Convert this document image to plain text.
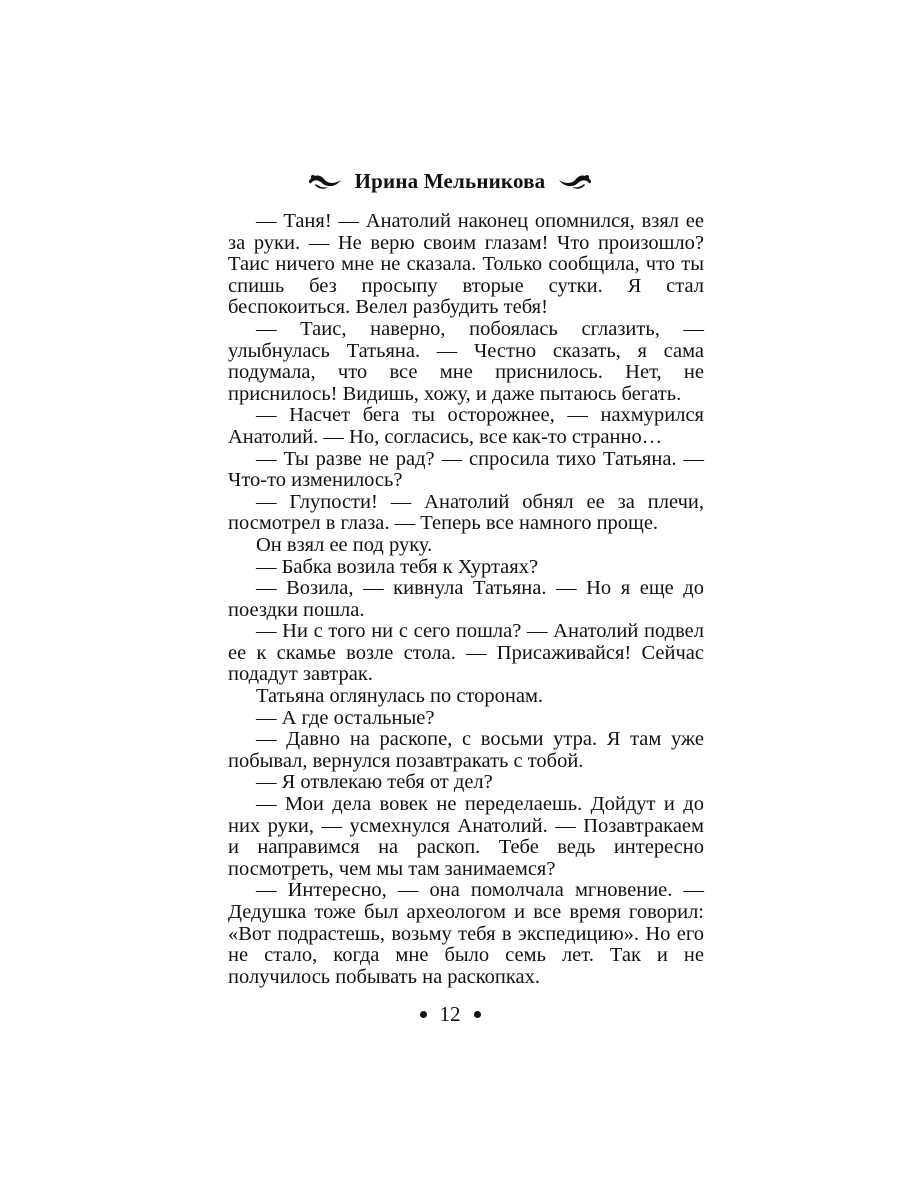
Ирина Мельникова

— Таня! — Анатолий наконец опомнился, взял ее за руки. — Не верю своим глазам! Что произошло? Таис ничего мне не сказала. Только сообщила, что ты спишь без просыпу вторые сутки. Я стал беспокоиться. Велел разбудить тебя!

— Таис, наверно, побоялась сглазить, — улыбнулась Татьяна. — Честно сказать, я сама подумала, что все мне приснилось. Нет, не приснилось! Видишь, хожу, и даже пытаюсь бегать.

— Насчет бега ты осторожнее, — нахмурился Анатолий. — Но, согласись, все как-то странно…

— Ты разве не рад? — спросила тихо Татьяна. — Что-то изменилось?

— Глупости! — Анатолий обнял ее за плечи, посмотрел в глаза. — Теперь все намного проще.

Он взял ее под руку.

— Бабка возила тебя к Хуртаях?

— Возила, — кивнула Татьяна. — Но я еще до поездки пошла.

— Ни с того ни с сего пошла? — Анатолий подвел ее к скамье возле стола. — Присаживайся! Сейчас подадут завтрак.

Татьяна оглянулась по сторонам.

— А где остальные?

— Давно на раскопе, с восьми утра. Я там уже побывал, вернулся позавтракать с тобой.

— Я отвлекаю тебя от дел?

— Мои дела вовек не переделаешь. Дойдут и до них руки, — усмехнулся Анатолий. — Позавтракаем и направимся на раскоп. Тебе ведь интересно посмотреть, чем мы там занимаемся?

— Интересно, — она помолчала мгновение. — Дедушка тоже был археологом и все время говорил: «Вот подрастешь, возьму тебя в экспедицию». Но его не стало, когда мне было семь лет. Так и не получилось побывать на раскопках.

12
